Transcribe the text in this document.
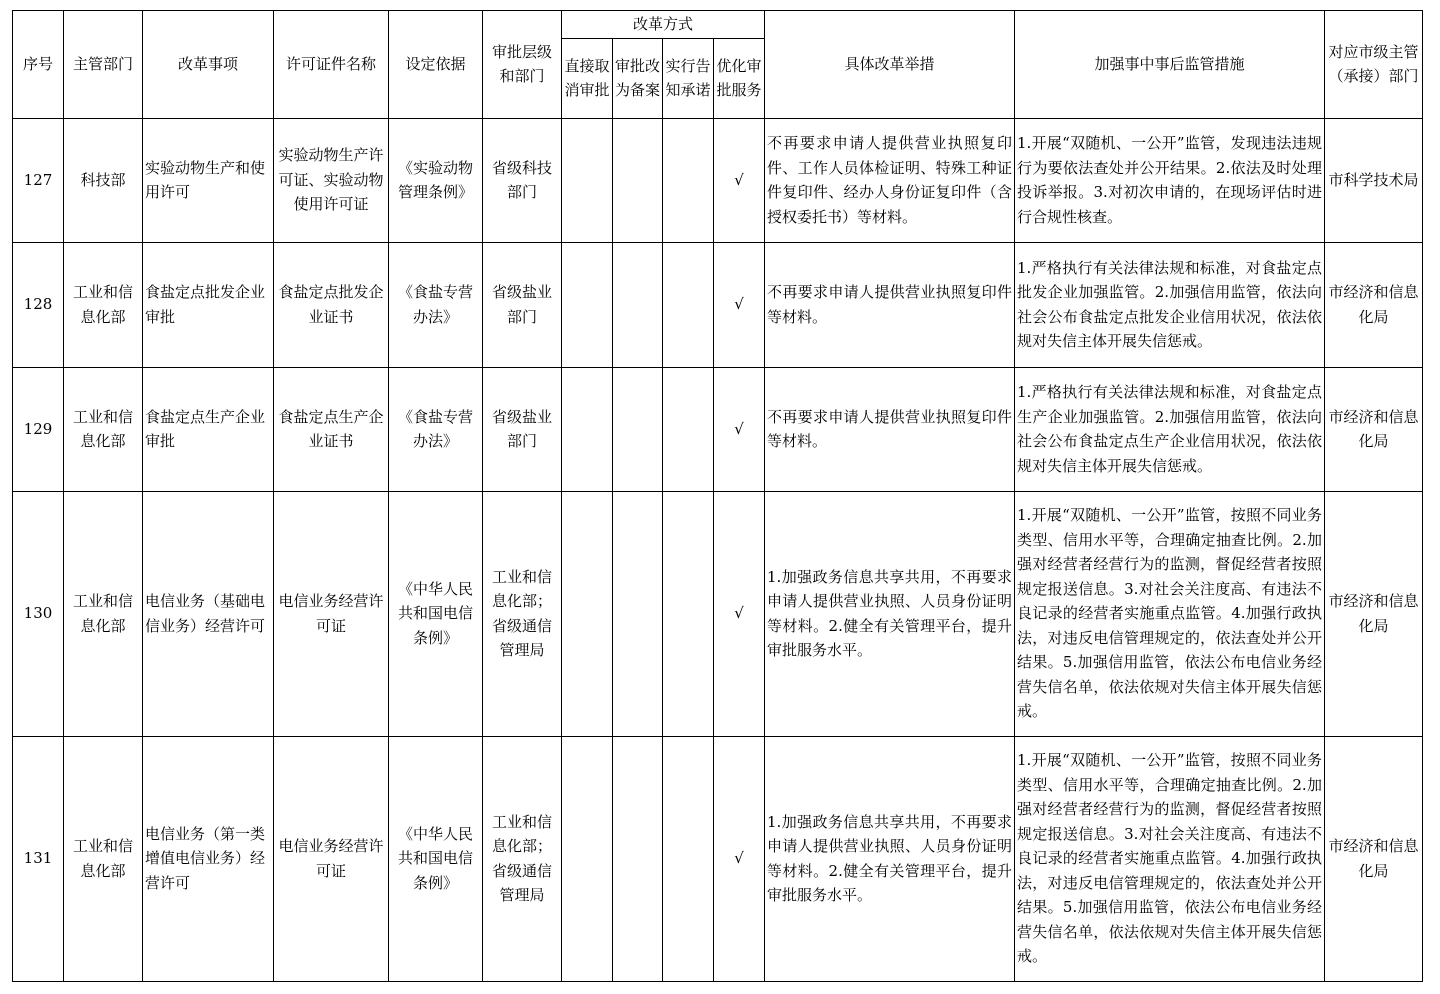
序号	主管部门	改革事项	许可证件名称	设定依据	审批层级和部门	改革方式				具体改革举措	加强事中事后监管措施	对应市级主管（承接）部门
						直接取消审批	审批改为备案	实行告知承诺	优化审批服务			
127	科技部	实验动物生产和使用许可	实验动物生产许可证、实验动物使用许可证	《实验动物管理条例》	省级科技部门				√	不再要求申请人提供营业执照复印件、工作人员体检证明、特殊工种证件复印件、经办人身份证复印件（含授权委托书）等材料。	1.开展“双随机、一公开”监管，发现违法违规行为要依法查处并公开结果。2.依法及时处理投诉举报。3.对初次申请的，在现场评估时进行合规性核查。	市科学技术局
128	工业和信息化部	食盐定点批发企业审批	食盐定点批发企业证书	《食盐专营办法》	省级盐业部门				√	不再要求申请人提供营业执照复印件等材料。	1.严格执行有关法律法规和标准，对食盐定点批发企业加强监管。2.加强信用监管，依法向社会公布食盐定点批发企业信用状况，依法依规对失信主体开展失信惩戒。	市经济和信息化局
129	工业和信息化部	食盐定点生产企业审批	食盐定点生产企业证书	《食盐专营办法》	省级盐业部门				√	不再要求申请人提供营业执照复印件等材料。	1.严格执行有关法律法规和标准，对食盐定点生产企业加强监管。2.加强信用监管，依法向社会公布食盐定点生产企业信用状况，依法依规对失信主体开展失信惩戒。	市经济和信息化局
130	工业和信息化部	电信业务（基础电信业务）经营许可	电信业务经营许可证	《中华人民共和国电信条例》	工业和信息化部；省级通信管理局				√	1.加强政务信息共享共用，不再要求申请人提供营业执照、人员身份证明等材料。2.健全有关管理平台，提升审批服务水平。	1.开展“双随机、一公开”监管，按照不同业务类型、信用水平等，合理确定抽查比例。2.加强对经营者经营行为的监测，督促经营者按照规定报送信息。3.对社会关注度高、有违法不良记录的经营者实施重点监管。4.加强行政执法，对违反电信管理规定的，依法查处并公开结果。5.加强信用监管，依法公布电信业务经营失信名单，依法依规对失信主体开展失信惩戒。	市经济和信息化局
131	工业和信息化部	电信业务（第一类增值电信业务）经营许可	电信业务经营许可证	《中华人民共和国电信条例》	工业和信息化部；省级通信管理局				√	1.加强政务信息共享共用，不再要求申请人提供营业执照、人员身份证明等材料。2.健全有关管理平台，提升审批服务水平。	1.开展“双随机、一公开”监管，按照不同业务类型、信用水平等，合理确定抽查比例。2.加强对经营者经营行为的监测，督促经营者按照规定报送信息。3.对社会关注度高、有违法不良记录的经营者实施重点监管。4.加强行政执法，对违反电信管理规定的，依法查处并公开结果。5.加强信用监管，依法公布电信业务经营失信名单，依法依规对失信主体开展失信惩戒。	市经济和信息化局
